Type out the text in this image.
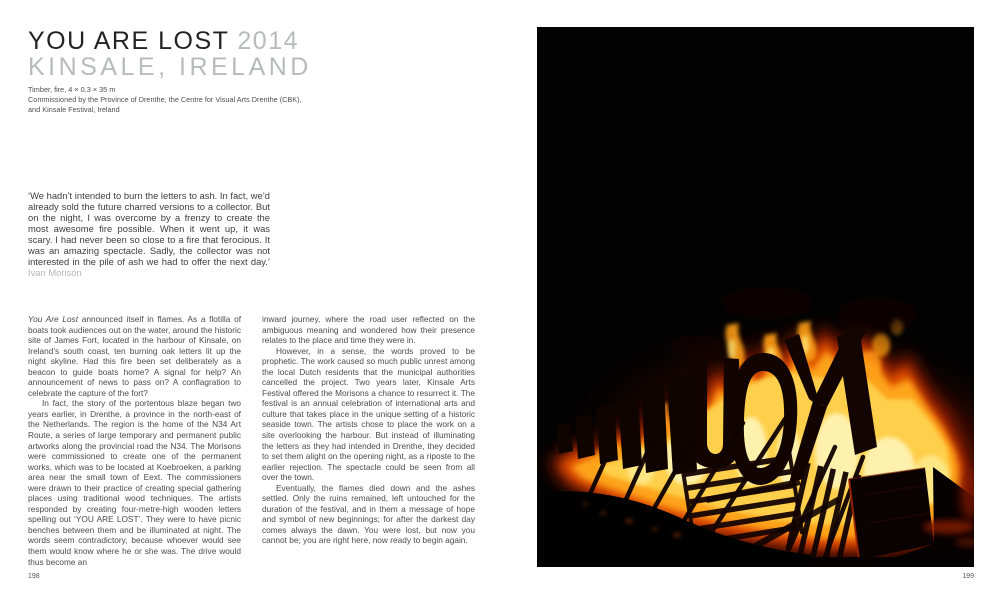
YOU ARE LOST 2014
KINSALE, IRELAND
Timber, fire, 4 × 0.3 × 35 m
Commissioned by the Province of Drenthe, the Centre for Visual Arts Drenthe (CBK),
and Kinsale Festival, Ireland
‘We hadn’t intended to burn the letters to ash. In fact, we’d already sold the future charred versions to a collector. But on the night, I was overcome by a frenzy to create the most awesome fire possible. When it went up, it was scary. I had never been so close to a fire that ferocious. It was an amazing spectacle. Sadly, the collector was not interested in the pile of ash we had to offer the next day.’ Ivan Morison

You Are Lost announced itself in flames. As a flotilla of boats took audiences out on the water, around the historic site of James Fort, located in the harbour of Kinsale, on Ireland’s south coast, ten burning oak letters lit up the night skyline. Had this fire been set deliberately as a beacon to guide boats home? A signal for help? An announcement of news to pass on? A conflagration to celebrate the capture of the fort?

In fact, the story of the portentous blaze began two years earlier, in Drenthe, a province in the north-east of the Netherlands. The region is the home of the N34 Art Route, a series of large temporary and permanent public artworks along the provincial road the N34. The Morisons were commissioned to create one of the permanent works, which was to be located at Koebroeken, a parking area near the small town of Eext. The commissioners were drawn to their practice of creating special gathering places using traditional wood techniques. The artists responded by creating four-metre-high wooden letters spelling out ‘YOU ARE LOST’. They were to have picnic benches between them and be illuminated at night. The words seem contradictory, because whoever would see them would know where he or she was. The drive would thus become an

inward journey, where the road user reflected on the ambiguous meaning and wondered how their presence relates to the place and time they were in.

However, in a sense, the words proved to be prophetic. The work caused so much public unrest among the local Dutch residents that the municipal authorities cancelled the project. Two years later, Kinsale Arts Festival offered the Morisons a chance to resurrect it. The festival is an annual celebration of international arts and culture that takes place in the unique setting of a historic seaside town. The artists chose to place the work on a site overlooking the harbour. But instead of illuminating the letters as they had intended in Drenthe, they decided to set them alight on the opening night, as a riposte to the earlier rejection. The spectacle could be seen from all over the town.

Eventually, the flames died down and the ashes settled. Only the ruins remained, left untouched for the duration of the festival, and in them a message of hope and symbol of new beginnings; for after the darkest day comes always the dawn. You were lost, but now you cannot be; you are right here, now ready to begin again.

198	199
